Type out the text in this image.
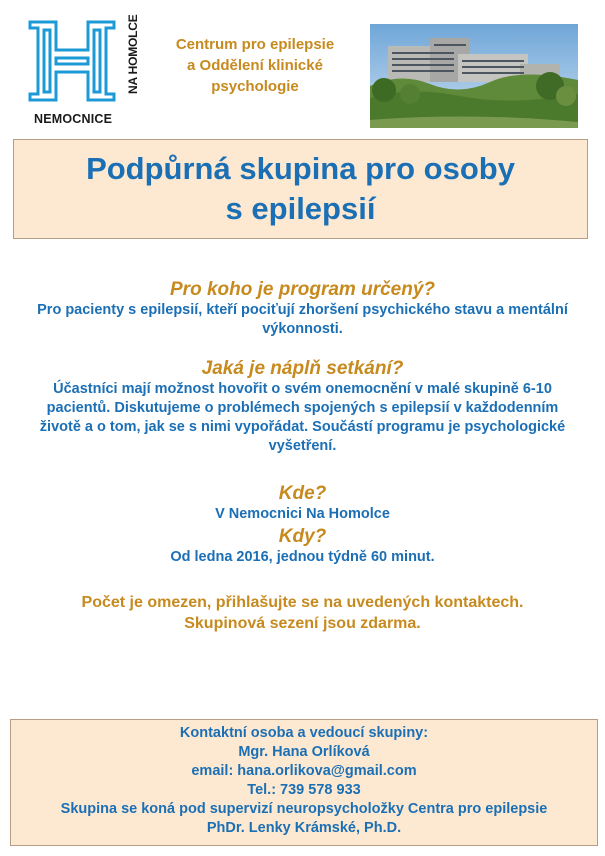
NA HOMOLCE
NEMOCNICE
Centrum pro epilepsie
a Oddělení klinické
psychologie
Podpůrná skupina pro osoby
s epilepsií
Pro koho je program určený?
Pro pacienty s epilepsií, kteří pociťují zhoršení psychického stavu a mentální
výkonnosti.
Jaká je náplň setkání?
Účastníci mají možnost hovořit o svém onemocnění v malé skupině 6-10
pacientů. Diskutujeme o problémech spojených s epilepsií v každodenním
životě a o tom, jak se s nimi vypořádat. Součástí programu je psychologické
vyšetření.
Kde?
V Nemocnici Na Homolce
Kdy?
Od ledna 2016, jednou týdně 60 minut.
Počet je omezen, přihlašujte se na uvedených kontaktech.
Skupinová sezení jsou zdarma.
Kontaktní osoba a vedoucí skupiny:
Mgr. Hana Orlíková
email: hana.orlikova@gmail.com
Tel.: 739 578 933
Skupina se koná pod supervizí neuropsycholožky Centra pro epilepsie
PhDr. Lenky Krámské, Ph.D.
